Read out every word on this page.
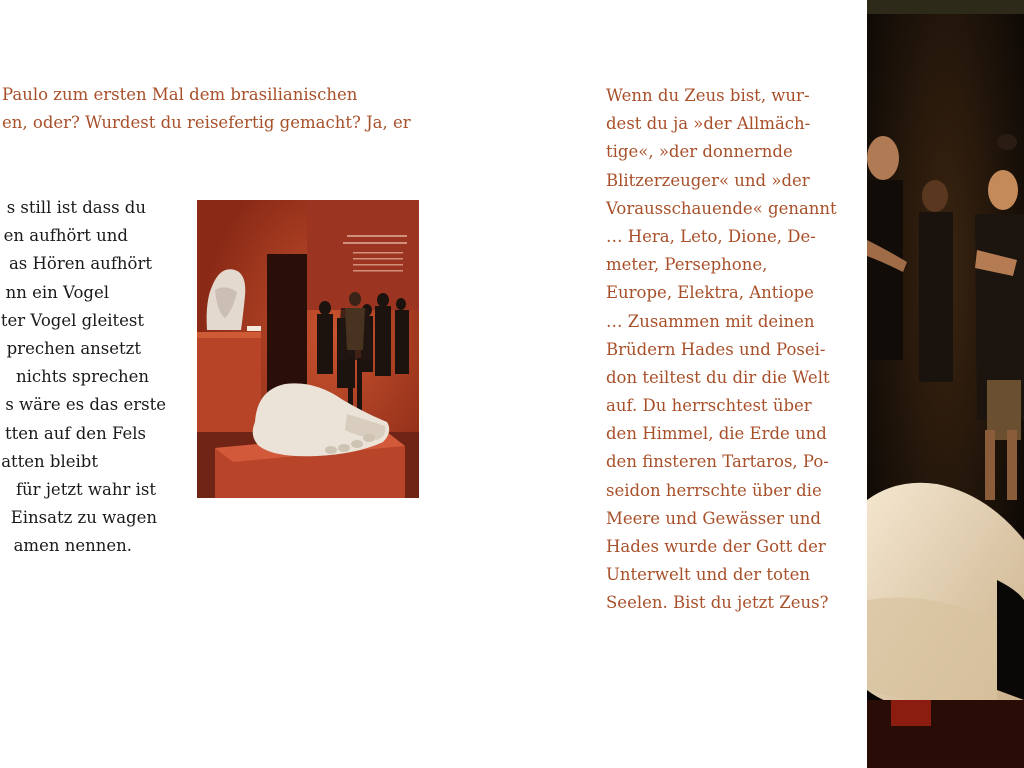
Paulo zum ersten Mal dem brasilianischen
en, oder? Wurdest du reisefertig gemacht? Ja, er
s still ist dass du
en aufhört und
as Hören aufhört
nn ein Vogel
ter Vogel gleitest
prechen ansetzt
nichts sprechen
s wäre es das erste
tten auf den Fels
atten bleibt
für jetzt wahr ist
Einsatz zu wagen
amen nennen.
Wenn du Zeus bist, wur-
dest du ja »der Allmäch-
tige«, »der donnernde
Blitzerzeuger« und »der
Vorausschauende« genannt
… Hera, Leto, Dione, De-
meter, Persephone,
Europe, Elektra, Antiope
… Zusammen mit deinen
Brüdern Hades und Posei-
don teiltest du dir die Welt
auf. Du herrschtest über
den Himmel, die Erde und
den finsteren Tartaros, Po-
seidon herrschte über die
Meere und Gewässer und
Hades wurde der Gott der
Unterwelt und der toten
Seelen. Bist du jetzt Zeus?
